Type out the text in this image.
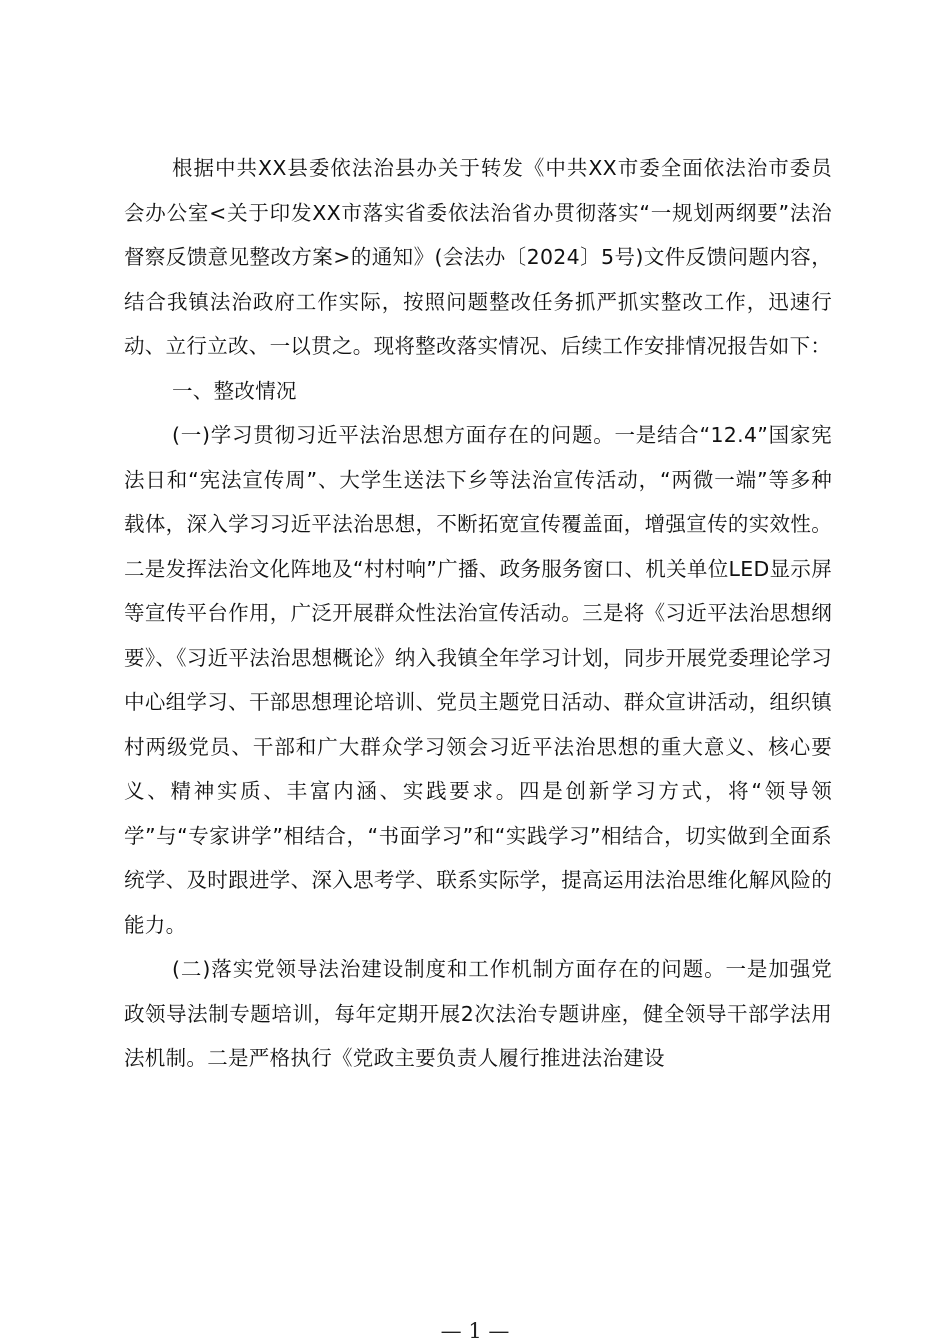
根据中共XX县委依法治县办关于转发《中共XX市委全面依法治市委员会办公室<关于印发XX市落实省委依法治省办贯彻落实“一规划两纲要”法治督察反馈意见整改方案>的通知》(会法办〔2024〕5号)文件反馈问题内容，结合我镇法治政府工作实际，按照问题整改任务抓严抓实整改工作，迅速行动、立行立改、一以贯之。现将整改落实情况、后续工作安排情况报告如下：

一、整改情况

(一)学习贯彻习近平法治思想方面存在的问题。一是结合“12.4”国家宪法日和“宪法宣传周”、大学生送法下乡等法治宣传活动，“两微一端”等多种载体，深入学习习近平法治思想，不断拓宽宣传覆盖面，增强宣传的实效性。二是发挥法治文化阵地及“村村响”广播、政务服务窗口、机关单位LED显示屏等宣传平台作用，广泛开展群众性法治宣传活动。三是将《习近平法治思想纲要》、《习近平法治思想概论》纳入我镇全年学习计划，同步开展党委理论学习中心组学习、干部思想理论培训、党员主题党日活动、群众宣讲活动，组织镇村两级党员、干部和广大群众学习领会习近平法治思想的重大意义、核心要义、精神实质、丰富内涵、实践要求。四是创新学习方式，将“领导领学”与“专家讲学”相结合，“书面学习”和“实践学习”相结合，切实做到全面系统学、及时跟进学、深入思考学、联系实际学，提高运用法治思维化解风险的能力。

(二)落实党领导法治建设制度和工作机制方面存在的问题。一是加强党政领导法制专题培训，每年定期开展2次法治专题讲座，健全领导干部学法用法机制。二是严格执行《党政主要负责人履行推进法治建设

— 1 —
